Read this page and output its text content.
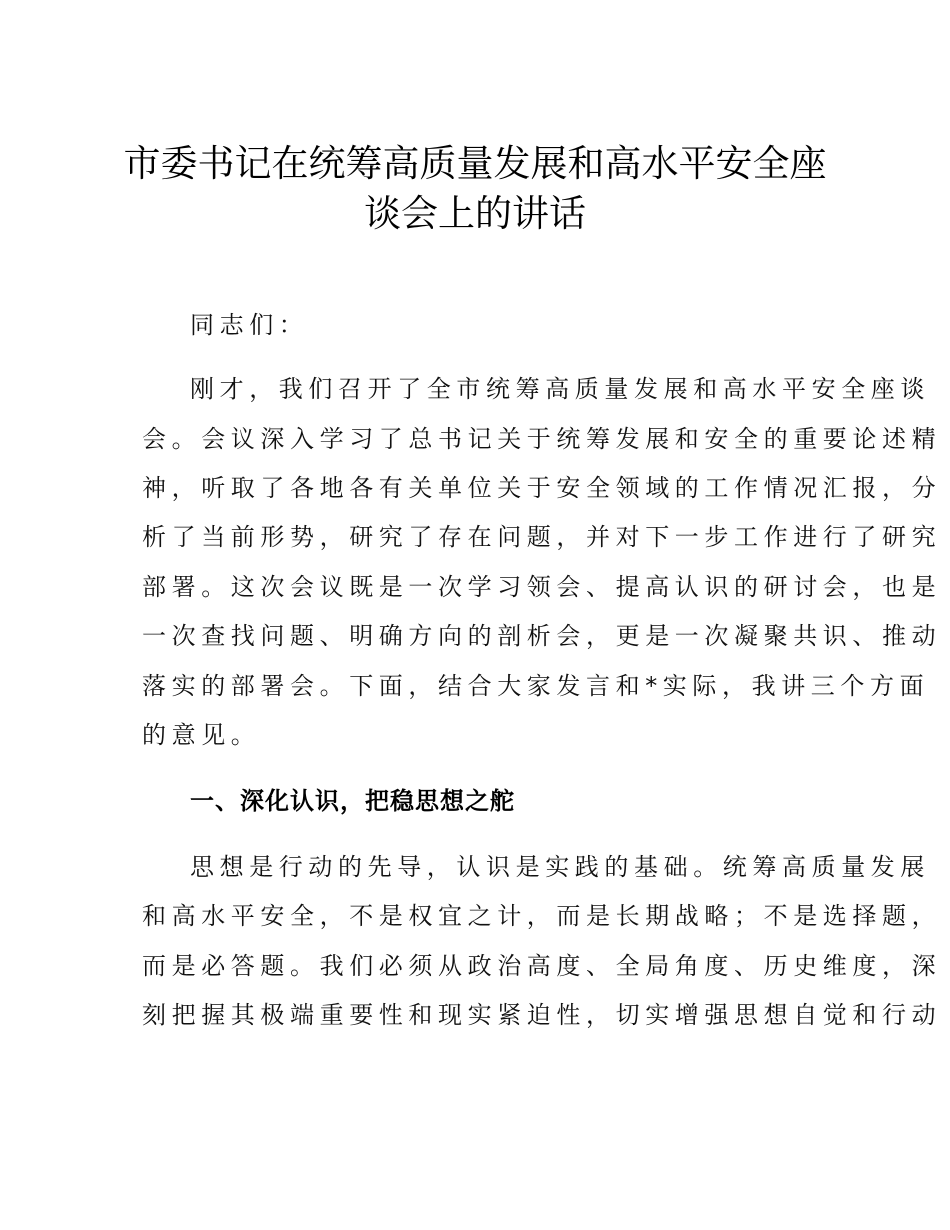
市委书记在统筹高质量发展和高水平安全座
谈会上的讲话
同志们：
刚才，我们召开了全市统筹高质量发展和高水平安全座谈
会。会议深入学习了总书记关于统筹发展和安全的重要论述精
神，听取了各地各有关单位关于安全领域的工作情况汇报，分
析了当前形势，研究了存在问题，并对下一步工作进行了研究
部署。这次会议既是一次学习领会、提高认识的研讨会，也是
一次查找问题、明确方向的剖析会，更是一次凝聚共识、推动
落实的部署会。下面，结合大家发言和*实际，我讲三个方面
的意见。
一、深化认识，把稳思想之舵
思想是行动的先导，认识是实践的基础。统筹高质量发展
和高水平安全，不是权宜之计，而是长期战略；不是选择题，
而是必答题。我们必须从政治高度、全局角度、历史维度，深
刻把握其极端重要性和现实紧迫性，切实增强思想自觉和行动
